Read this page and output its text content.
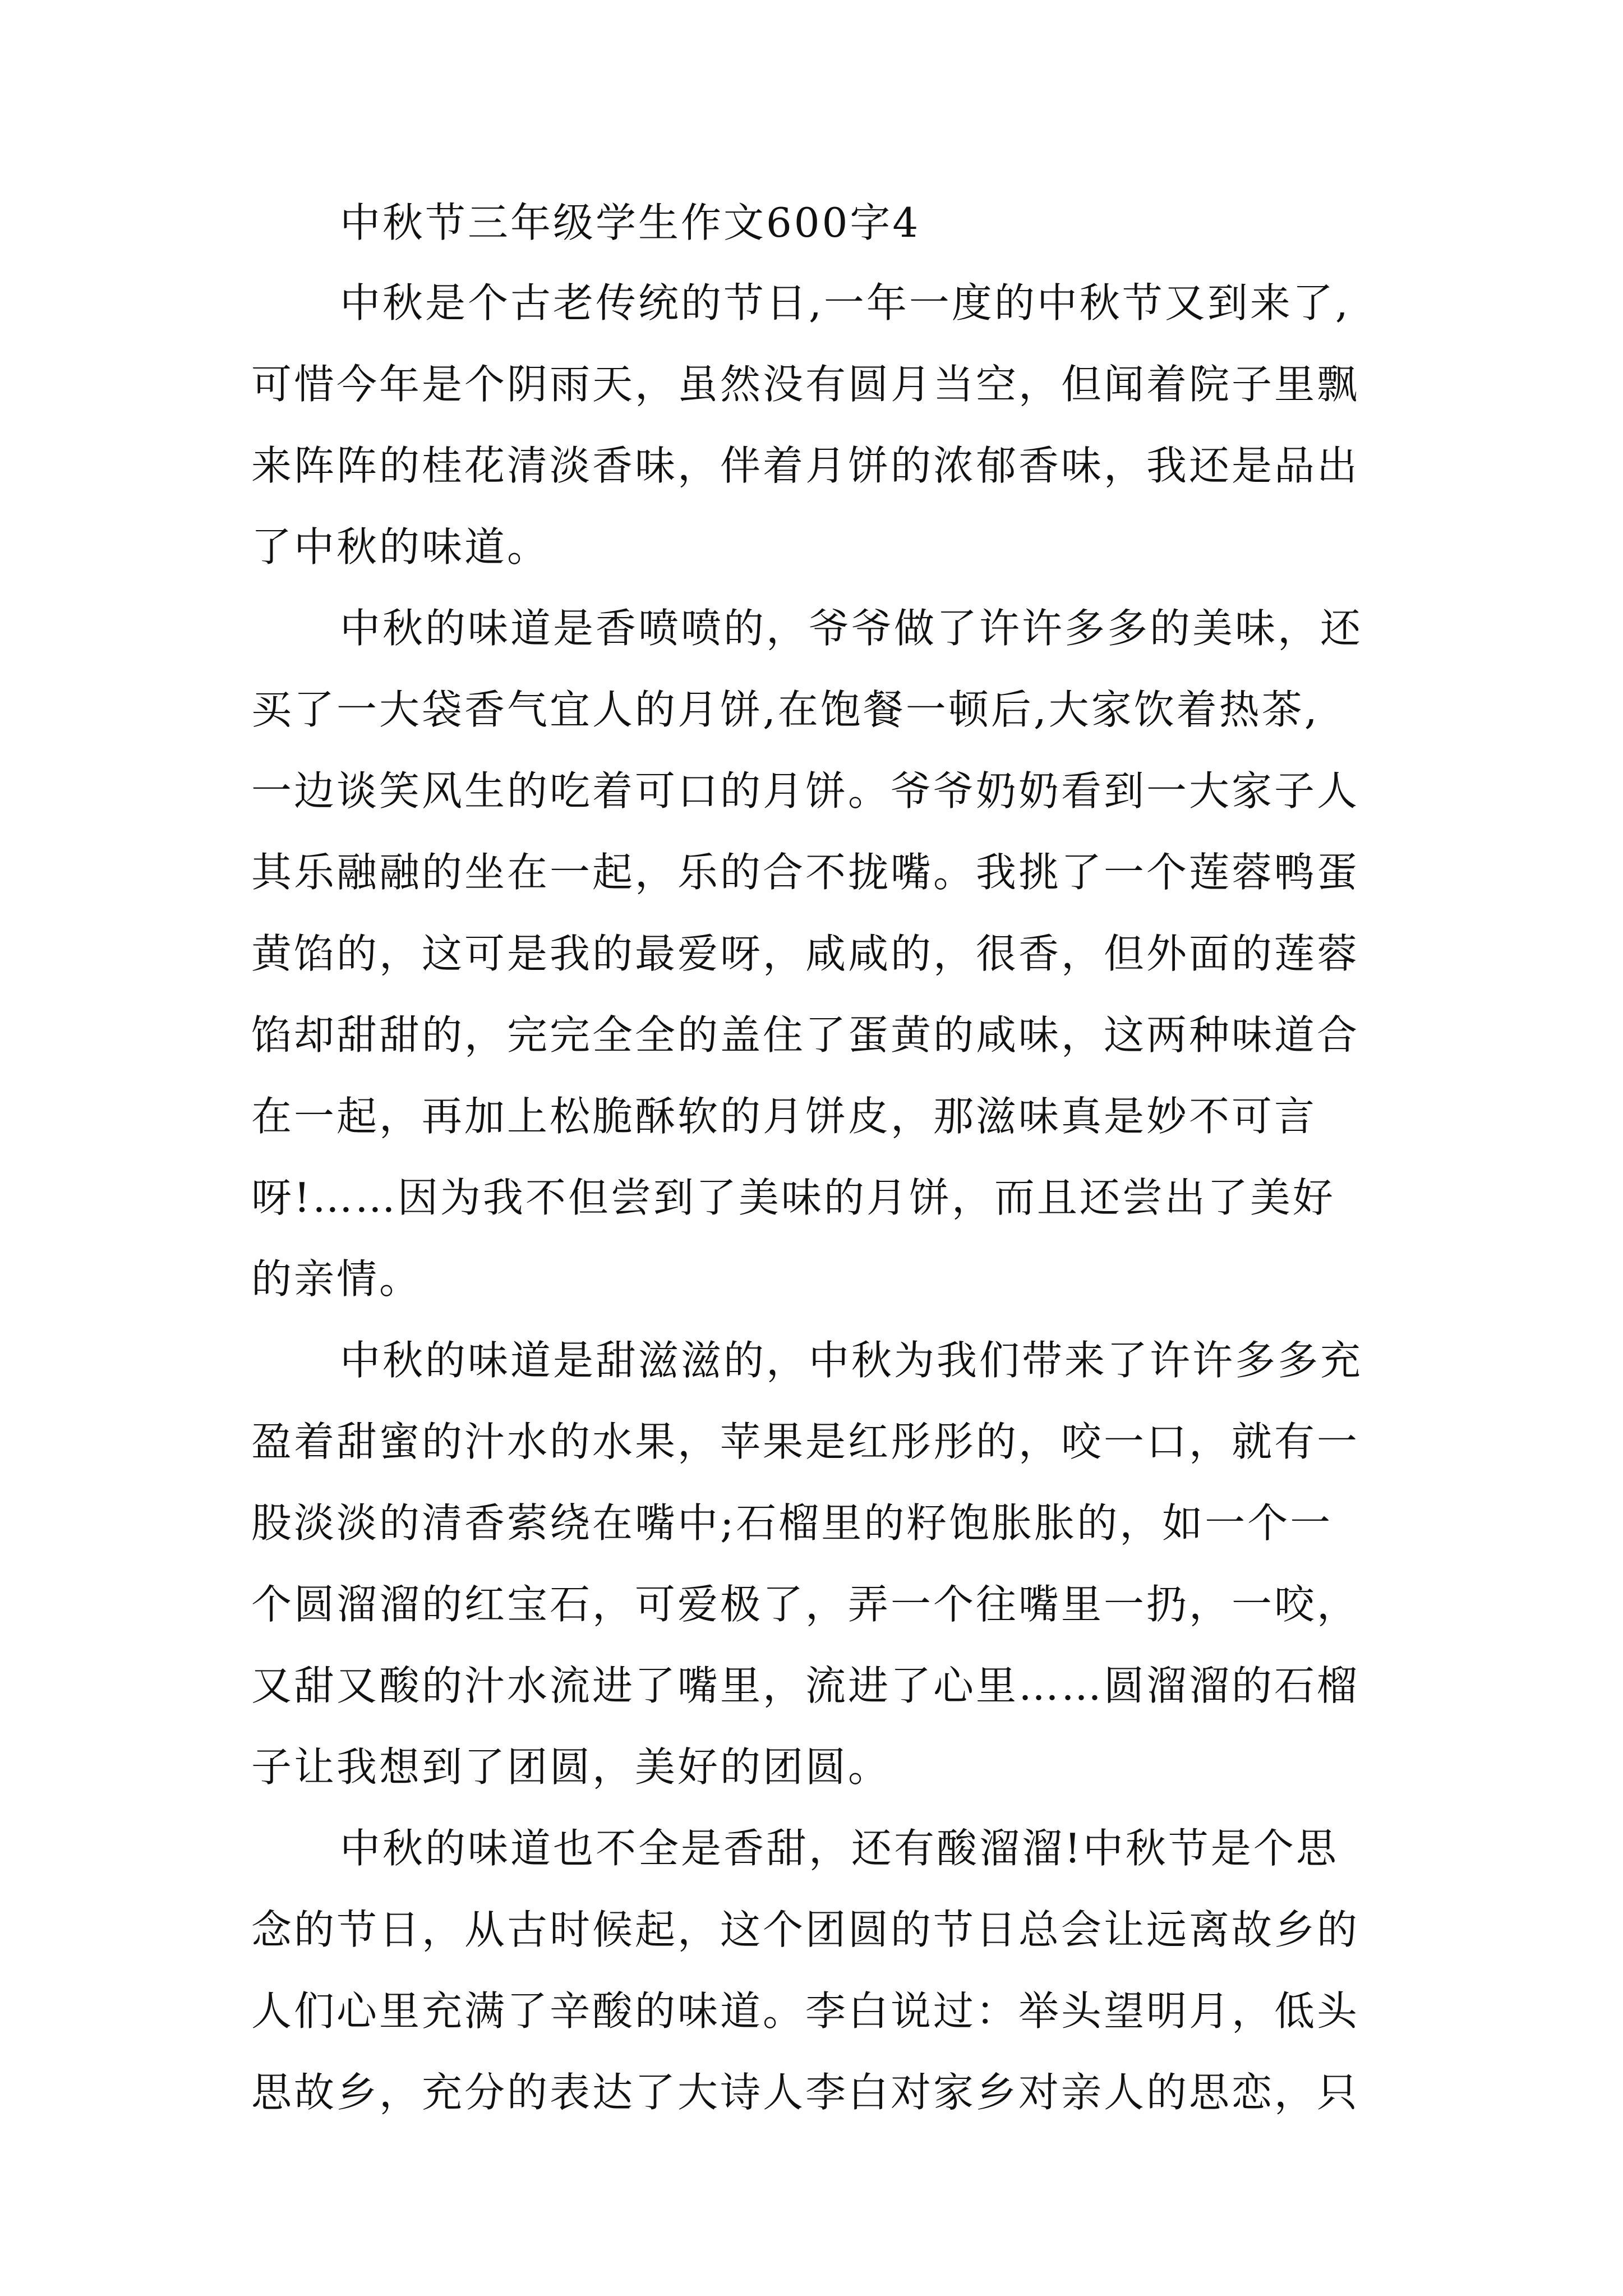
中秋节三年级学生作文600字4
中秋是个古老传统的节日,一年一度的中秋节又到来了,
可惜今年是个阴雨天，虽然没有圆月当空，但闻着院子里飘
来阵阵的桂花清淡香味，伴着月饼的浓郁香味，我还是品出
了中秋的味道。
中秋的味道是香喷喷的，爷爷做了许许多多的美味，还
买了一大袋香气宜人的月饼,在饱餐一顿后,大家饮着热茶,
一边谈笑风生的吃着可口的月饼。爷爷奶奶看到一大家子人
其乐融融的坐在一起，乐的合不拢嘴。我挑了一个莲蓉鸭蛋
黄馅的，这可是我的最爱呀，咸咸的，很香，但外面的莲蓉
馅却甜甜的，完完全全的盖住了蛋黄的咸味，这两种味道合
在一起，再加上松脆酥软的月饼皮，那滋味真是妙不可言
呀!……因为我不但尝到了美味的月饼，而且还尝出了美好
的亲情。
中秋的味道是甜滋滋的，中秋为我们带来了许许多多充
盈着甜蜜的汁水的水果，苹果是红彤彤的，咬一口，就有一
股淡淡的清香萦绕在嘴中;石榴里的籽饱胀胀的，如一个一
个圆溜溜的红宝石，可爱极了，弄一个往嘴里一扔，一咬，
又甜又酸的汁水流进了嘴里，流进了心里……圆溜溜的石榴
子让我想到了团圆，美好的团圆。
中秋的味道也不全是香甜，还有酸溜溜!中秋节是个思
念的节日，从古时候起，这个团圆的节日总会让远离故乡的
人们心里充满了辛酸的味道。李白说过：举头望明月，低头
思故乡，充分的表达了大诗人李白对家乡对亲人的思恋，只
